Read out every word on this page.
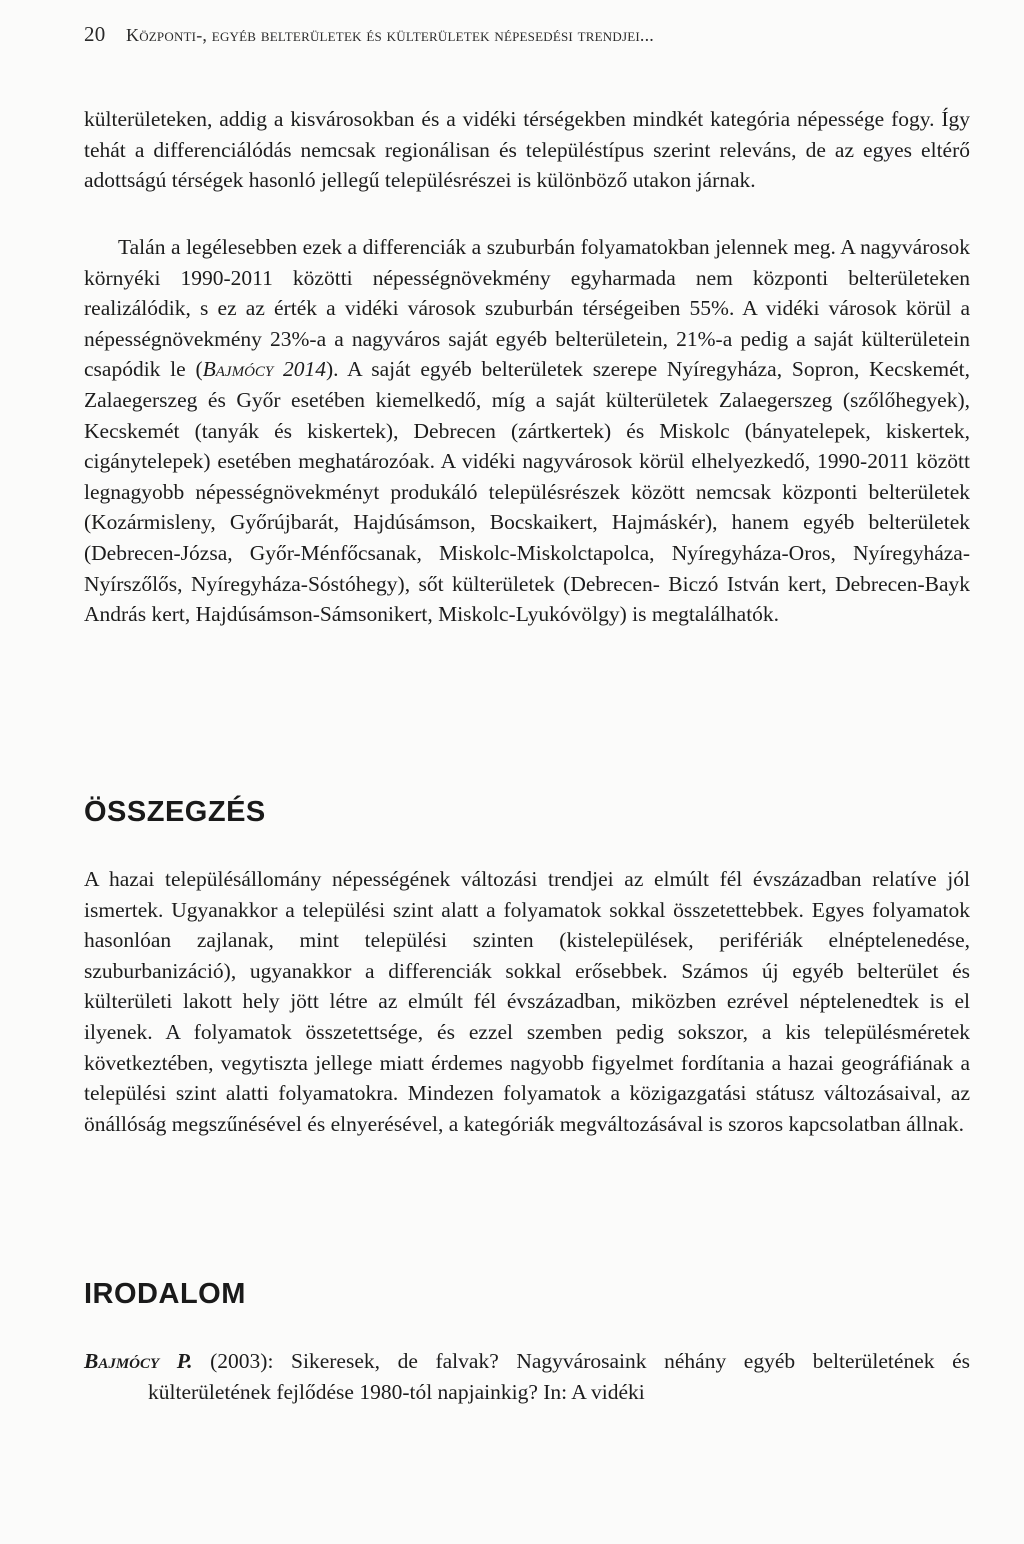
20 Központi-, egyéb belterületek és külterületek népesedési trendjei...

külterületeken, addig a kisvárosokban és a vidéki térségekben mindkét kategória népessége fogy. Így tehát a differenciálódás nemcsak regionálisan és településtípus szerint releváns, de az egyes eltérő adottságú térségek hasonló jellegű településrészei is különböző utakon járnak.

Talán a legélesebben ezek a differenciák a szuburbán folyamatokban jelennek meg. A nagyvárosok környéki 1990-2011 közötti népességnövekmény egyharmada nem központi belterületeken realizálódik, s ez az érték a vidéki városok szuburbán térségeiben 55%. A vidéki városok körül a népességnövekmény 23%-a a nagyváros saját egyéb belterületein, 21%-a pedig a saját külterületein csapódik le (Bajmócy 2014). A saját egyéb belterületek szerepe Nyíregyháza, Sopron, Kecskemét, Zalaegerszeg és Győr esetében kiemelkedő, míg a saját külterületek Zalaegerszeg (szőlőhegyek), Kecskemét (tanyák és kiskertek), Debrecen (zártkertek) és Miskolc (bányatelepek, kiskertek, cigánytelepek) esetében meghatározóak. A vidéki nagyvárosok körül elhelyezkedő, 1990-2011 között legnagyobb népességnövekményt produkáló településrészek között nemcsak központi belterületek (Kozármisleny, Győrújbarát, Hajdúsámson, Bocskaikert, Hajmáskér), hanem egyéb belterületek (Debrecen-Józsa, Győr-Ménfőcsanak, Miskolc-Miskolctapolca, Nyíregyháza-Oros, Nyíregyháza-Nyírszőlős, Nyíregyháza-Sóstóhegy), sőt külterületek (Debrecen- Biczó István kert, Debrecen-Bayk András kert, Hajdúsámson-Sámsonikert, Miskolc-Lyukóvölgy) is megtalálhatók.

ÖSSZEGZÉS

A hazai településállomány népességének változási trendjei az elmúlt fél évszázadban relatíve jól ismertek. Ugyanakkor a települési szint alatt a folyamatok sokkal összetettebbek. Egyes folyamatok hasonlóan zajlanak, mint települési szinten (kistelepülések, perifériák elnéptelenedése, szuburbanizáció), ugyanakkor a differenciák sokkal erősebbek. Számos új egyéb belterület és külterületi lakott hely jött létre az elmúlt fél évszázadban, miközben ezrével néptelenedtek is el ilyenek. A folyamatok összetettsége, és ezzel szemben pedig sokszor, a kis településméretek következtében, vegytiszta jellege miatt érdemes nagyobb figyelmet fordítania a hazai geográfiának a települési szint alatti folyamatokra. Mindezen folyamatok a közigazgatási státusz változásaival, az önállóság megszűnésével és elnyerésével, a kategóriák megváltozásával is szoros kapcsolatban állnak.

IRODALOM
Bajmócy P. (2003): Sikeresek, de falvak? Nagyvárosaink néhány egyéb belterületének és külterületének fejlődése 1980-tól napjainkig? In: A vidéki
